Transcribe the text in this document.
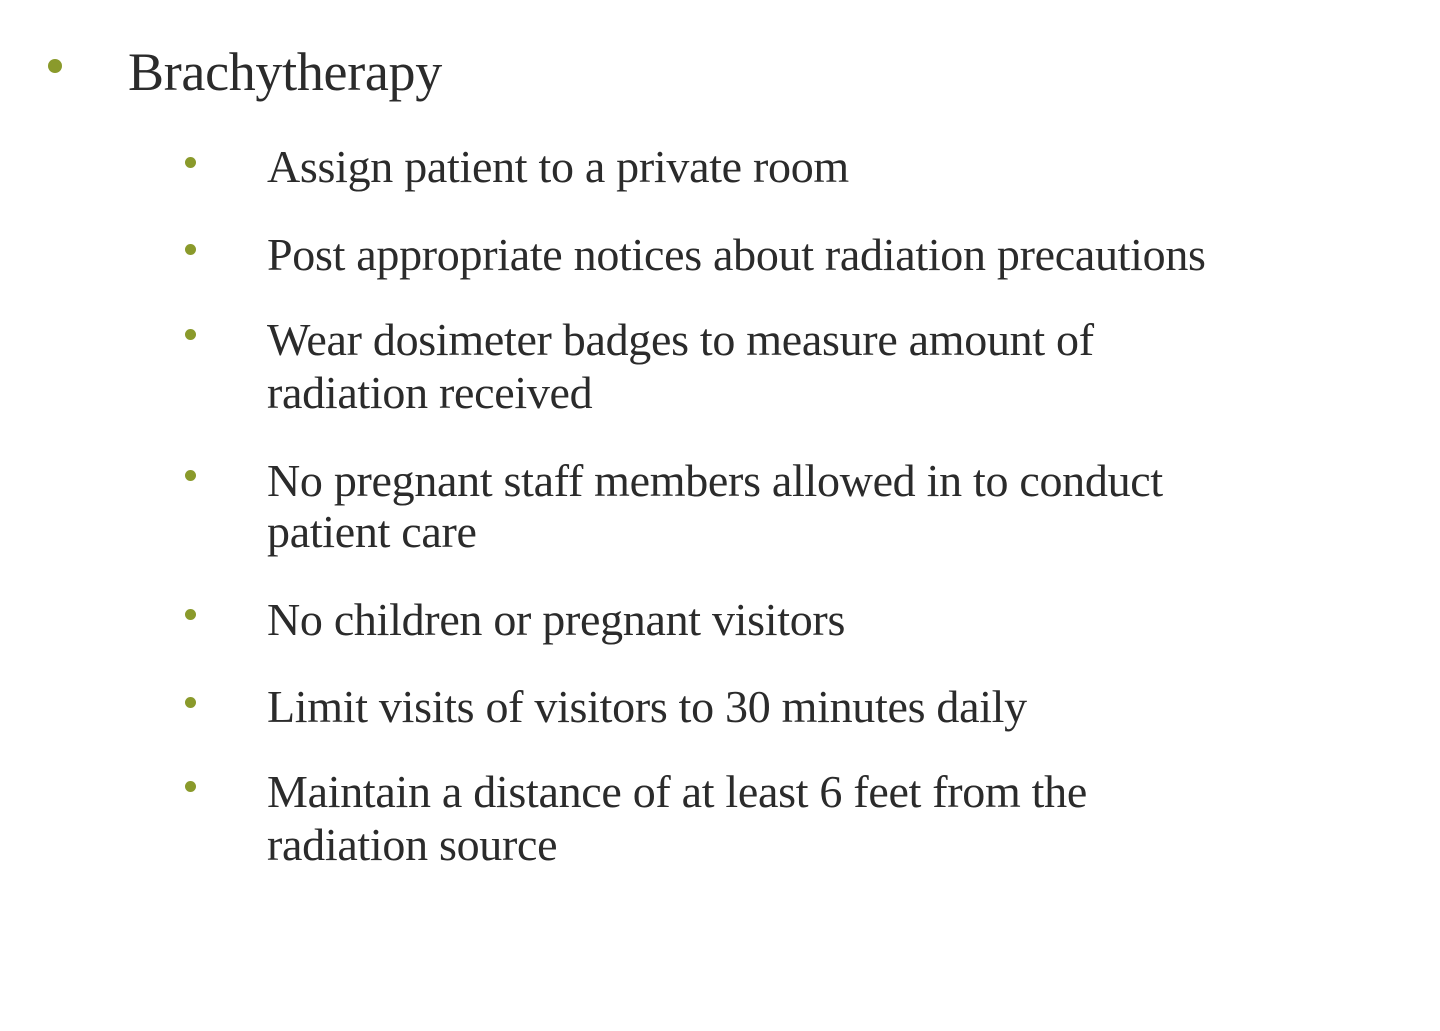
Brachytherapy
Assign patient to a private room
Post appropriate notices about radiation precautions
Wear dosimeter badges to measure amount of
radiation received
No pregnant staff members allowed in to conduct
patient care
No children or pregnant visitors
Limit visits of visitors to 30 minutes daily
Maintain a distance of at least 6 feet from the
radiation source
